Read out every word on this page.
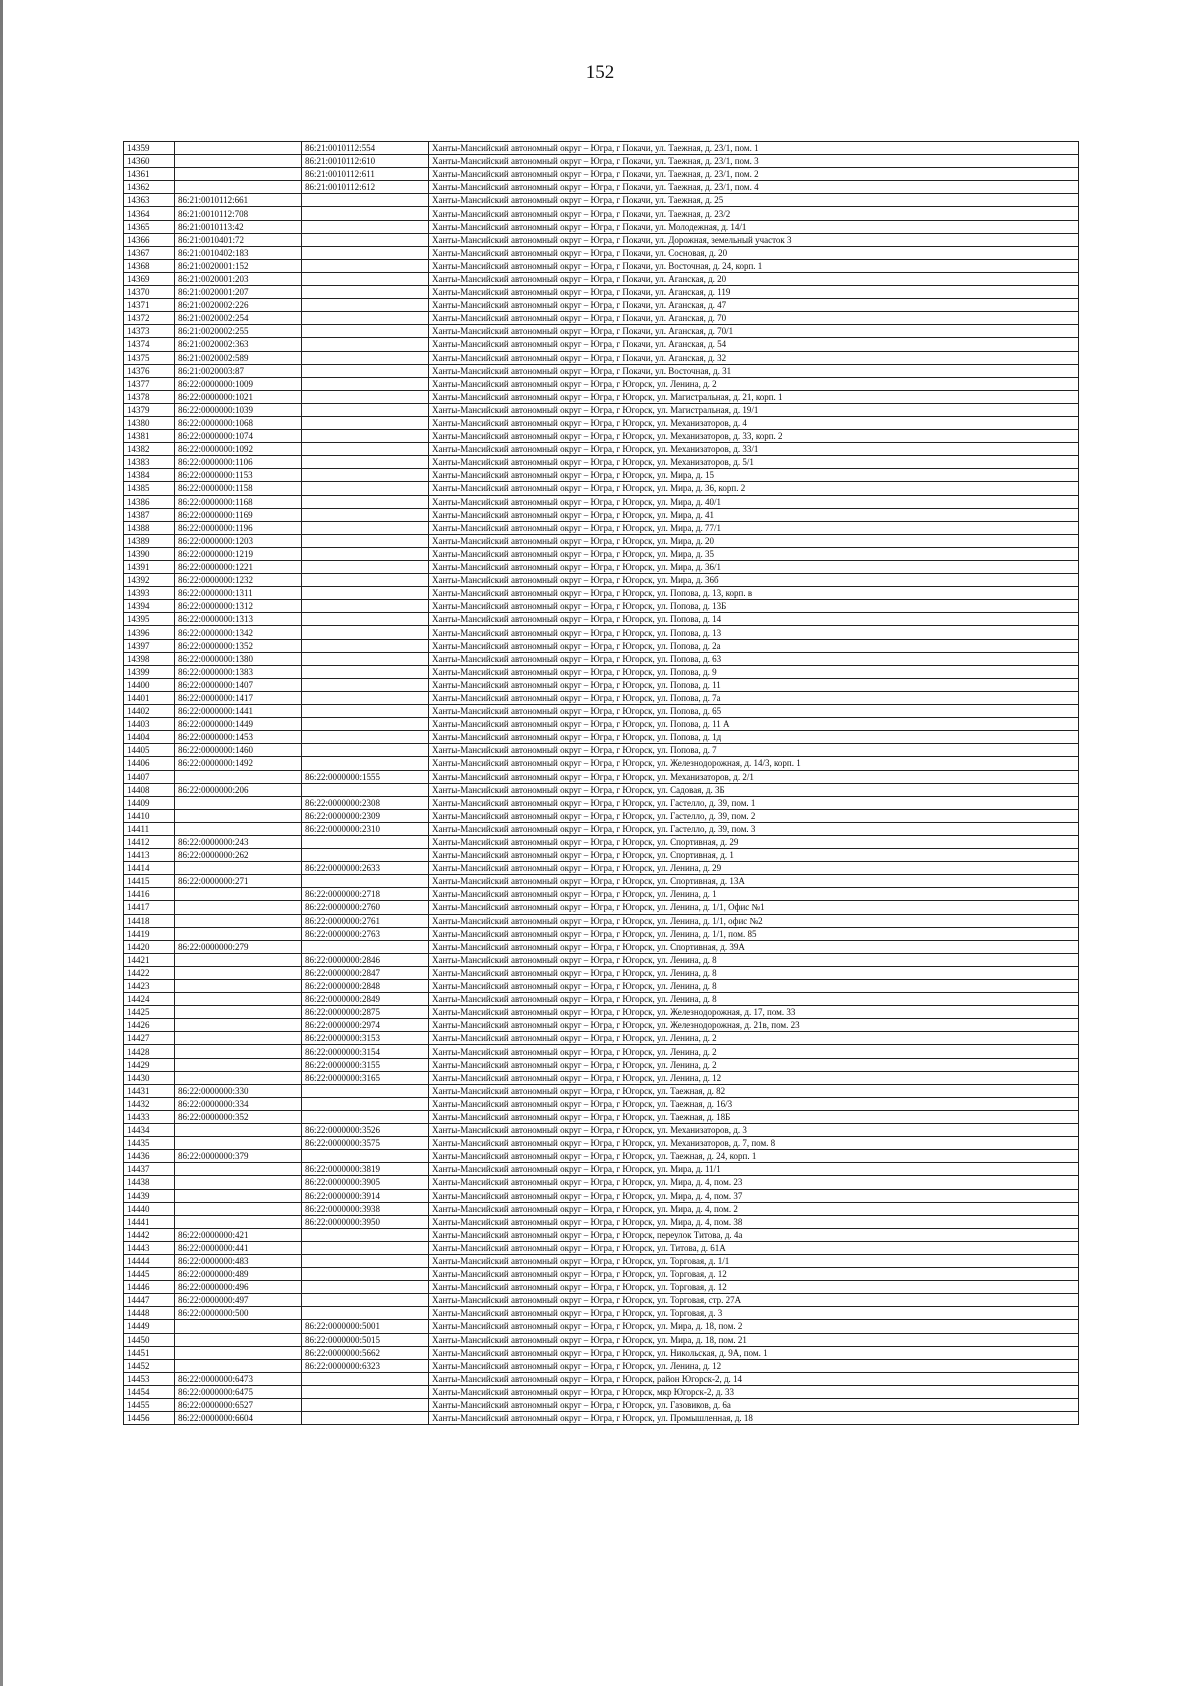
152
14359		86:21:0010112:554	Ханты-Мансийский автономный округ – Югра, г Покачи, ул. Таежная, д. 23/1, пом. 1
14360		86:21:0010112:610	Ханты-Мансийский автономный округ – Югра, г Покачи, ул. Таежная, д. 23/1, пом. 3
14361		86:21:0010112:611	Ханты-Мансийский автономный округ – Югра, г Покачи, ул. Таежная, д. 23/1, пом. 2
14362		86:21:0010112:612	Ханты-Мансийский автономный округ – Югра, г Покачи, ул. Таежная, д. 23/1, пом. 4
14363	86:21:0010112:661		Ханты-Мансийский автономный округ – Югра, г Покачи, ул. Таежная, д. 25
14364	86:21:0010112:708		Ханты-Мансийский автономный округ – Югра, г Покачи, ул. Таежная, д. 23/2
14365	86:21:0010113:42		Ханты-Мансийский автономный округ – Югра, г Покачи, ул. Молодежная, д. 14/1
14366	86:21:0010401:72		Ханты-Мансийский автономный округ – Югра, г Покачи, ул. Дорожная, земельный участок 3
14367	86:21:0010402:183		Ханты-Мансийский автономный округ – Югра, г Покачи, ул. Сосновая, д. 20
14368	86:21:0020001:152		Ханты-Мансийский автономный округ – Югра, г Покачи, ул. Восточная, д. 24, корп. 1
14369	86:21:0020001:203		Ханты-Мансийский автономный округ – Югра, г Покачи, ул. Аганская, д. 20
14370	86:21:0020001:207		Ханты-Мансийский автономный округ – Югра, г Покачи, ул. Аганская, д. 119
14371	86:21:0020002:226		Ханты-Мансийский автономный округ – Югра, г Покачи, ул. Аганская, д. 47
14372	86:21:0020002:254		Ханты-Мансийский автономный округ – Югра, г Покачи, ул. Аганская, д. 70
14373	86:21:0020002:255		Ханты-Мансийский автономный округ – Югра, г Покачи, ул. Аганская, д. 70/1
14374	86:21:0020002:363		Ханты-Мансийский автономный округ – Югра, г Покачи, ул. Аганская, д. 54
14375	86:21:0020002:589		Ханты-Мансийский автономный округ – Югра, г Покачи, ул. Аганская, д. 32
14376	86:21:0020003:87		Ханты-Мансийский автономный округ – Югра, г Покачи, ул. Восточная, д. 31
14377	86:22:0000000:1009		Ханты-Мансийский автономный округ – Югра, г Югорск, ул. Ленина, д. 2
14378	86:22:0000000:1021		Ханты-Мансийский автономный округ – Югра, г Югорск, ул. Магистральная, д. 21, корп. 1
14379	86:22:0000000:1039		Ханты-Мансийский автономный округ – Югра, г Югорск, ул. Магистральная, д. 19/1
14380	86:22:0000000:1068		Ханты-Мансийский автономный округ – Югра, г Югорск, ул. Механизаторов, д. 4
14381	86:22:0000000:1074		Ханты-Мансийский автономный округ – Югра, г Югорск, ул. Механизаторов, д. 33, корп. 2
14382	86:22:0000000:1092		Ханты-Мансийский автономный округ – Югра, г Югорск, ул. Механизаторов, д. 33/1
14383	86:22:0000000:1106		Ханты-Мансийский автономный округ – Югра, г Югорск, ул. Механизаторов, д. 5/1
14384	86:22:0000000:1153		Ханты-Мансийский автономный округ – Югра, г Югорск, ул. Мира, д. 15
14385	86:22:0000000:1158		Ханты-Мансийский автономный округ – Югра, г Югорск, ул. Мира, д. 36, корп. 2
14386	86:22:0000000:1168		Ханты-Мансийский автономный округ – Югра, г Югорск, ул. Мира, д. 40/1
14387	86:22:0000000:1169		Ханты-Мансийский автономный округ – Югра, г Югорск, ул. Мира, д. 41
14388	86:22:0000000:1196		Ханты-Мансийский автономный округ – Югра, г Югорск, ул. Мира, д. 77/1
14389	86:22:0000000:1203		Ханты-Мансийский автономный округ – Югра, г Югорск, ул. Мира, д. 20
14390	86:22:0000000:1219		Ханты-Мансийский автономный округ – Югра, г Югорск, ул. Мира, д. 35
14391	86:22:0000000:1221		Ханты-Мансийский автономный округ – Югра, г Югорск, ул. Мира, д. 36/1
14392	86:22:0000000:1232		Ханты-Мансийский автономный округ – Югра, г Югорск, ул. Мира, д. 36б
14393	86:22:0000000:1311		Ханты-Мансийский автономный округ – Югра, г Югорск, ул. Попова, д. 13, корп. в
14394	86:22:0000000:1312		Ханты-Мансийский автономный округ – Югра, г Югорск, ул. Попова, д. 13Б
14395	86:22:0000000:1313		Ханты-Мансийский автономный округ – Югра, г Югорск, ул. Попова, д. 14
14396	86:22:0000000:1342		Ханты-Мансийский автономный округ – Югра, г Югорск, ул. Попова, д. 13
14397	86:22:0000000:1352		Ханты-Мансийский автономный округ – Югра, г Югорск, ул. Попова, д. 2а
14398	86:22:0000000:1380		Ханты-Мансийский автономный округ – Югра, г Югорск, ул. Попова, д. 63
14399	86:22:0000000:1383		Ханты-Мансийский автономный округ – Югра, г Югорск, ул. Попова, д. 9
14400	86:22:0000000:1407		Ханты-Мансийский автономный округ – Югра, г Югорск, ул. Попова, д. 11
14401	86:22:0000000:1417		Ханты-Мансийский автономный округ – Югра, г Югорск, ул. Попова, д. 7а
14402	86:22:0000000:1441		Ханты-Мансийский автономный округ – Югра, г Югорск, ул. Попова, д. 65
14403	86:22:0000000:1449		Ханты-Мансийский автономный округ – Югра, г Югорск, ул. Попова, д. 11 А
14404	86:22:0000000:1453		Ханты-Мансийский автономный округ – Югра, г Югорск, ул. Попова, д. 1д
14405	86:22:0000000:1460		Ханты-Мансийский автономный округ – Югра, г Югорск, ул. Попова, д. 7
14406	86:22:0000000:1492		Ханты-Мансийский автономный округ – Югра, г Югорск, ул. Железнодорожная, д. 14/3, корп. 1
14407		86:22:0000000:1555	Ханты-Мансийский автономный округ – Югра, г Югорск, ул. Механизаторов, д. 2/1
14408	86:22:0000000:206		Ханты-Мансийский автономный округ – Югра, г Югорск, ул. Садовая, д. 3Б
14409		86:22:0000000:2308	Ханты-Мансийский автономный округ – Югра, г Югорск, ул. Гастелло, д. 39, пом. 1
14410		86:22:0000000:2309	Ханты-Мансийский автономный округ – Югра, г Югорск, ул. Гастелло, д. 39, пом. 2
14411		86:22:0000000:2310	Ханты-Мансийский автономный округ – Югра, г Югорск, ул. Гастелло, д. 39, пом. 3
14412	86:22:0000000:243		Ханты-Мансийский автономный округ – Югра, г Югорск, ул. Спортивная, д. 29
14413	86:22:0000000:262		Ханты-Мансийский автономный округ – Югра, г Югорск, ул. Спортивная, д. 1
14414		86:22:0000000:2633	Ханты-Мансийский автономный округ – Югра, г Югорск, ул. Ленина, д. 29
14415	86:22:0000000:271		Ханты-Мансийский автономный округ – Югра, г Югорск, ул. Спортивная, д. 13А
14416		86:22:0000000:2718	Ханты-Мансийский автономный округ – Югра, г Югорск, ул. Ленина, д. 1
14417		86:22:0000000:2760	Ханты-Мансийский автономный округ – Югра, г Югорск, ул. Ленина, д. 1/1, Офис №1
14418		86:22:0000000:2761	Ханты-Мансийский автономный округ – Югра, г Югорск, ул. Ленина, д. 1/1, офис №2
14419		86:22:0000000:2763	Ханты-Мансийский автономный округ – Югра, г Югорск, ул. Ленина, д. 1/1, пом. 85
14420	86:22:0000000:279		Ханты-Мансийский автономный округ – Югра, г Югорск, ул. Спортивная, д. 39А
14421		86:22:0000000:2846	Ханты-Мансийский автономный округ – Югра, г Югорск, ул. Ленина, д. 8
14422		86:22:0000000:2847	Ханты-Мансийский автономный округ – Югра, г Югорск, ул. Ленина, д. 8
14423		86:22:0000000:2848	Ханты-Мансийский автономный округ – Югра, г Югорск, ул. Ленина, д. 8
14424		86:22:0000000:2849	Ханты-Мансийский автономный округ – Югра, г Югорск, ул. Ленина, д. 8
14425		86:22:0000000:2875	Ханты-Мансийский автономный округ – Югра, г Югорск, ул. Железнодорожная, д. 17, пом. 33
14426		86:22:0000000:2974	Ханты-Мансийский автономный округ – Югра, г Югорск, ул. Железнодорожная, д. 21в, пом. 23
14427		86:22:0000000:3153	Ханты-Мансийский автономный округ – Югра, г Югорск, ул. Ленина, д. 2
14428		86:22:0000000:3154	Ханты-Мансийский автономный округ – Югра, г Югорск, ул. Ленина, д. 2
14429		86:22:0000000:3155	Ханты-Мансийский автономный округ – Югра, г Югорск, ул. Ленина, д. 2
14430		86:22:0000000:3165	Ханты-Мансийский автономный округ – Югра, г Югорск, ул. Ленина, д. 12
14431	86:22:0000000:330		Ханты-Мансийский автономный округ – Югра, г Югорск, ул. Таежная, д. 82
14432	86:22:0000000:334		Ханты-Мансийский автономный округ – Югра, г Югорск, ул. Таежная, д. 16/3
14433	86:22:0000000:352		Ханты-Мансийский автономный округ – Югра, г Югорск, ул. Таежная, д. 18Б
14434		86:22:0000000:3526	Ханты-Мансийский автономный округ – Югра, г Югорск, ул. Механизаторов, д. 3
14435		86:22:0000000:3575	Ханты-Мансийский автономный округ – Югра, г Югорск, ул. Механизаторов, д. 7, пом. 8
14436	86:22:0000000:379		Ханты-Мансийский автономный округ – Югра, г Югорск, ул. Таежная, д. 24, корп. 1
14437		86:22:0000000:3819	Ханты-Мансийский автономный округ – Югра, г Югорск, ул. Мира, д. 11/1
14438		86:22:0000000:3905	Ханты-Мансийский автономный округ – Югра, г Югорск, ул. Мира, д. 4, пом. 23
14439		86:22:0000000:3914	Ханты-Мансийский автономный округ – Югра, г Югорск, ул. Мира, д. 4, пом. 37
14440		86:22:0000000:3938	Ханты-Мансийский автономный округ – Югра, г Югорск, ул. Мира, д. 4, пом. 2
14441		86:22:0000000:3950	Ханты-Мансийский автономный округ – Югра, г Югорск, ул. Мира, д. 4, пом. 38
14442	86:22:0000000:421		Ханты-Мансийский автономный округ – Югра, г Югорск, переулок Титова, д. 4а
14443	86:22:0000000:441		Ханты-Мансийский автономный округ – Югра, г Югорск, ул. Титова, д. 61А
14444	86:22:0000000:483		Ханты-Мансийский автономный округ – Югра, г Югорск, ул. Торговая, д. 1/1
14445	86:22:0000000:489		Ханты-Мансийский автономный округ – Югра, г Югорск, ул. Торговая, д. 12
14446	86:22:0000000:496		Ханты-Мансийский автономный округ – Югра, г Югорск, ул. Торговая, д. 12
14447	86:22:0000000:497		Ханты-Мансийский автономный округ – Югра, г Югорск, ул. Торговая, стр. 27А
14448	86:22:0000000:500		Ханты-Мансийский автономный округ – Югра, г Югорск, ул. Торговая, д. 3
14449		86:22:0000000:5001	Ханты-Мансийский автономный округ – Югра, г Югорск, ул. Мира, д. 18, пом. 2
14450		86:22:0000000:5015	Ханты-Мансийский автономный округ – Югра, г Югорск, ул. Мира, д. 18, пом. 21
14451		86:22:0000000:5662	Ханты-Мансийский автономный округ – Югра, г Югорск, ул. Никольская, д. 9А, пом. 1
14452		86:22:0000000:6323	Ханты-Мансийский автономный округ – Югра, г Югорск, ул. Ленина, д. 12
14453	86:22:0000000:6473		Ханты-Мансийский автономный округ – Югра, г Югорск, район Югорск-2, д. 14
14454	86:22:0000000:6475		Ханты-Мансийский автономный округ – Югра, г Югорск, мкр Югорск-2, д. 33
14455	86:22:0000000:6527		Ханты-Мансийский автономный округ – Югра, г Югорск, ул. Газовиков, д. 6а
14456	86:22:0000000:6604		Ханты-Мансийский автономный округ – Югра, г Югорск, ул. Промышленная, д. 18
